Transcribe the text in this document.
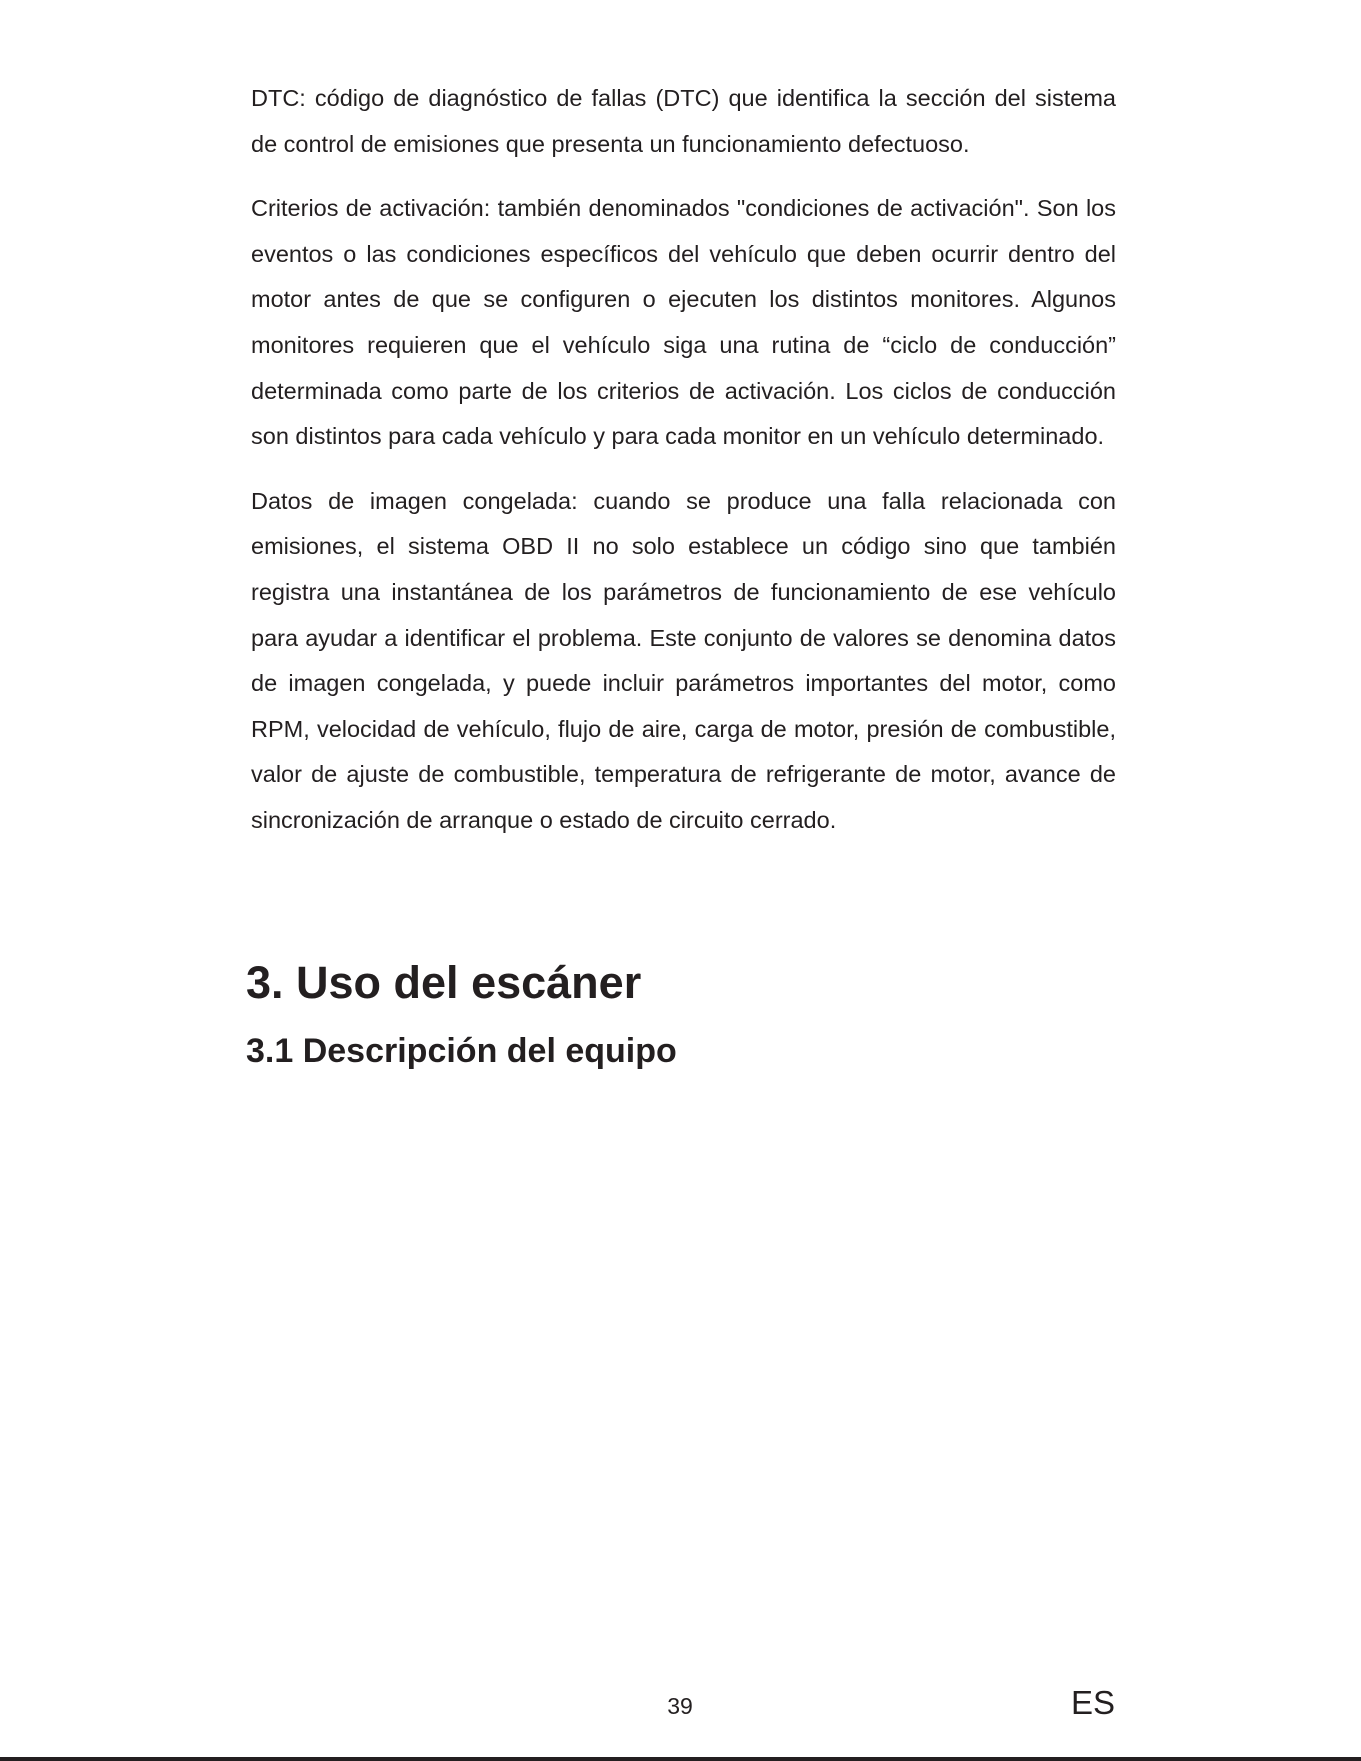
DTC: código de diagnóstico de fallas (DTC) que identifica la sección del sistema de control de emisiones que presenta un funcionamiento defectuoso.

Criterios de activación: también denominados "condiciones de activación". Son los eventos o las condiciones específicos del vehículo que deben ocurrir dentro del motor antes de que se configuren o ejecuten los distintos monitores. Algunos monitores requieren que el vehículo siga una rutina de “ciclo de conducción” determinada como parte de los criterios de activación. Los ciclos de conducción son distintos para cada vehículo y para cada monitor en un vehículo determinado.

Datos de imagen congelada: cuando se produce una falla relacionada con emisiones, el sistema OBD II no solo establece un código sino que también registra una instantánea de los parámetros de funcionamiento de ese vehículo para ayudar a identificar el problema. Este conjunto de valores se denomina datos de imagen congelada, y puede incluir parámetros importantes del motor, como RPM, velocidad de vehículo, flujo de aire, carga de motor, presión de combustible, valor de ajuste de combustible, temperatura de refrigerante de motor, avance de sincronización de arranque o estado de circuito cerrado.

3. Uso del escáner
3.1 Descripción del equipo
39	ES
